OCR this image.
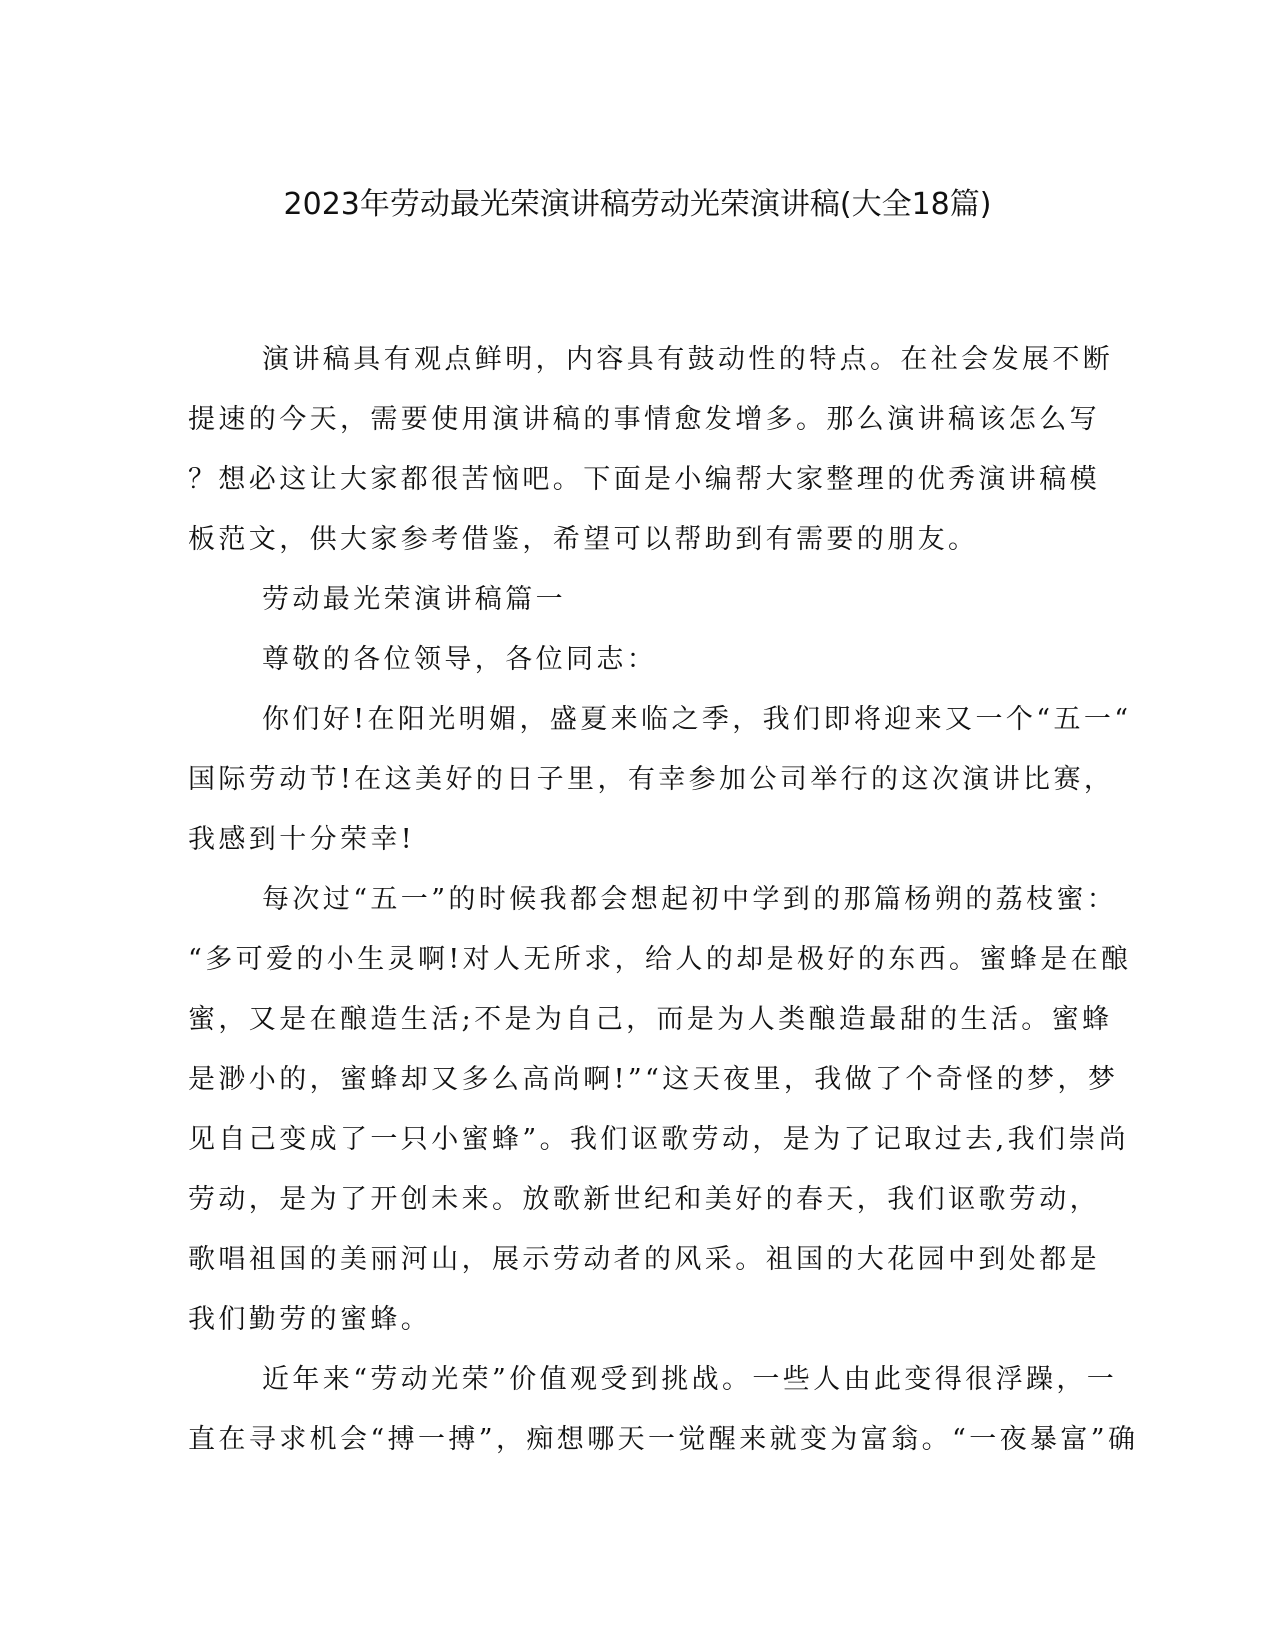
2023年劳动最光荣演讲稿劳动光荣演讲稿(大全18篇)
演讲稿具有观点鲜明，内容具有鼓动性的特点。在社会发展不断
提速的今天，需要使用演讲稿的事情愈发增多。那么演讲稿该怎么写
？想必这让大家都很苦恼吧。下面是小编帮大家整理的优秀演讲稿模
板范文，供大家参考借鉴，希望可以帮助到有需要的朋友。
劳动最光荣演讲稿篇一
尊敬的各位领导，各位同志：
你们好!在阳光明媚，盛夏来临之季，我们即将迎来又一个“五一“
国际劳动节!在这美好的日子里，有幸参加公司举行的这次演讲比赛，
我感到十分荣幸!
每次过“五一”的时候我都会想起初中学到的那篇杨朔的荔枝蜜：
“多可爱的小生灵啊!对人无所求，给人的却是极好的东西。蜜蜂是在酿
蜜，又是在酿造生活;不是为自己，而是为人类酿造最甜的生活。蜜蜂
是渺小的，蜜蜂却又多么高尚啊!”“这天夜里，我做了个奇怪的梦，梦
见自己变成了一只小蜜蜂”。我们讴歌劳动，是为了记取过去,我们崇尚
劳动，是为了开创未来。放歌新世纪和美好的春天，我们讴歌劳动，
歌唱祖国的美丽河山，展示劳动者的风采。祖国的大花园中到处都是
我们勤劳的蜜蜂。
近年来“劳动光荣”价值观受到挑战。一些人由此变得很浮躁，一
直在寻求机会“搏一搏”，痴想哪天一觉醒来就变为富翁。“一夜暴富”确
